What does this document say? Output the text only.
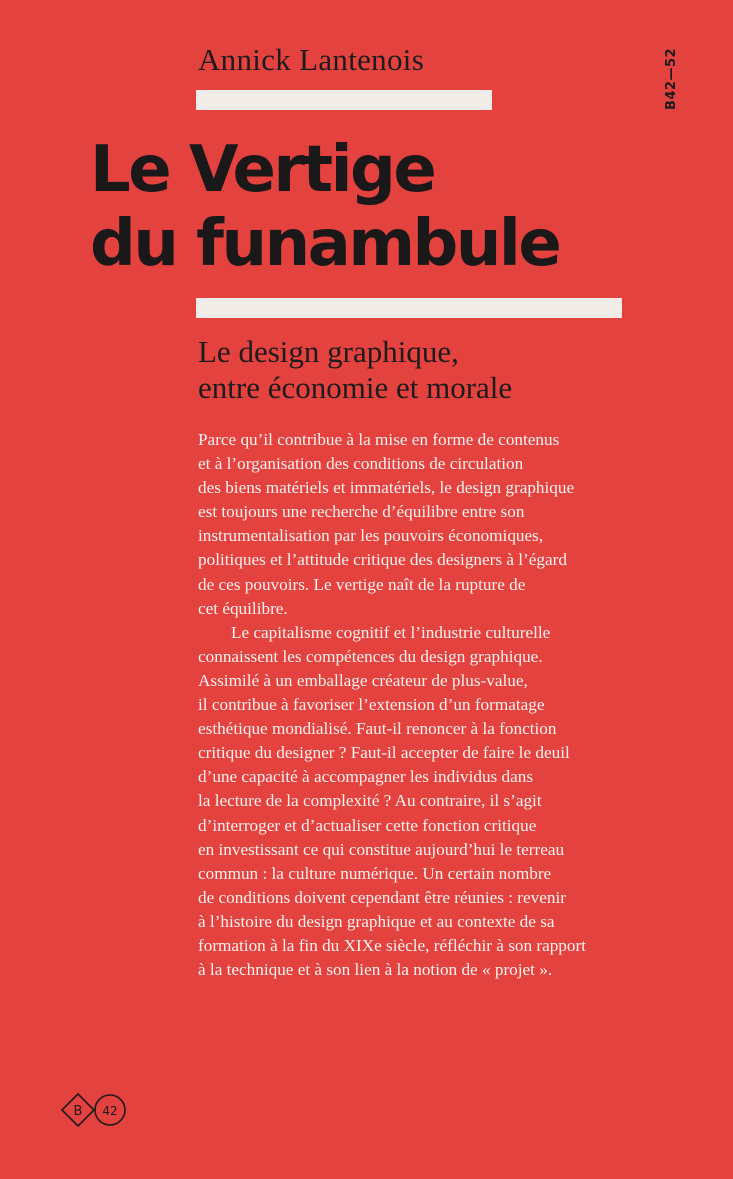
Annick Lantenois	B42—52
Le Vertige
du funambule
Le design graphique,
entre économie et morale
Parce qu’il contribue à la mise en forme de contenus
et à l’organisation des conditions de circulation
des biens matériels et immatériels, le design graphique
est toujours une recherche d’équilibre entre son
instrumentalisation par les pouvoirs économiques,
politiques et l’attitude critique des designers à l’égard
de ces pouvoirs. Le vertige naît de la rupture de
cet équilibre.
Le capitalisme cognitif et l’industrie culturelle
connaissent les compétences du design graphique.
Assimilé à un emballage créateur de plus-value,
il contribue à favoriser l’extension d’un formatage
esthétique mondialisé. Faut-il renoncer à la fonction
critique du designer ? Faut-il accepter de faire le deuil
d’une capacité à accompagner les individus dans
la lecture de la complexité ? Au contraire, il s’agit
d’interroger et d’actualiser cette fonction critique
en investissant ce qui constitue aujourd’hui le terreau
commun : la culture numérique. Un certain nombre
de conditions doivent cependant être réunies : revenir
à l’histoire du design graphique et au contexte de sa
formation à la fin du XIXe siècle, réfléchir à son rapport
à la technique et à son lien à la notion de « projet ».
B 42
